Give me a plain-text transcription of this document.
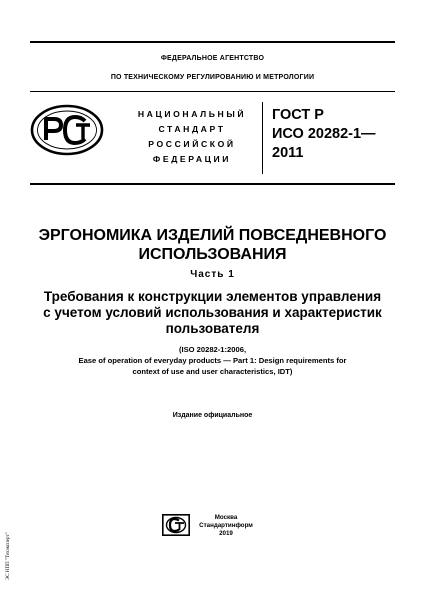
ФЕДЕРАЛЬНОЕ АГЕНТСТВО
ПО ТЕХНИЧЕСКОМУ РЕГУЛИРОВАНИЮ И МЕТРОЛОГИИ
НАЦИОНАЛЬНЫЙ
СТАНДАРТ
РОССИЙСКОЙ
ФЕДЕРАЦИИ
ГОСТ Р
ИСО 20282-1—
2011
ЭРГОНОМИКА ИЗДЕЛИЙ ПОВСЕДНЕВНОГО
ИСПОЛЬЗОВАНИЯ
Часть 1
Требования к конструкции элементов управления
с учетом условий использования и характеристик
пользователя
(ISO 20282-1:2006,
Ease of operation of everyday products — Part 1: Design requirements for
context of use and user characteristics, IDT)
Издание официальное
Москва
Стандартинформ
2019
ЭС НПП "Техэксперт"
